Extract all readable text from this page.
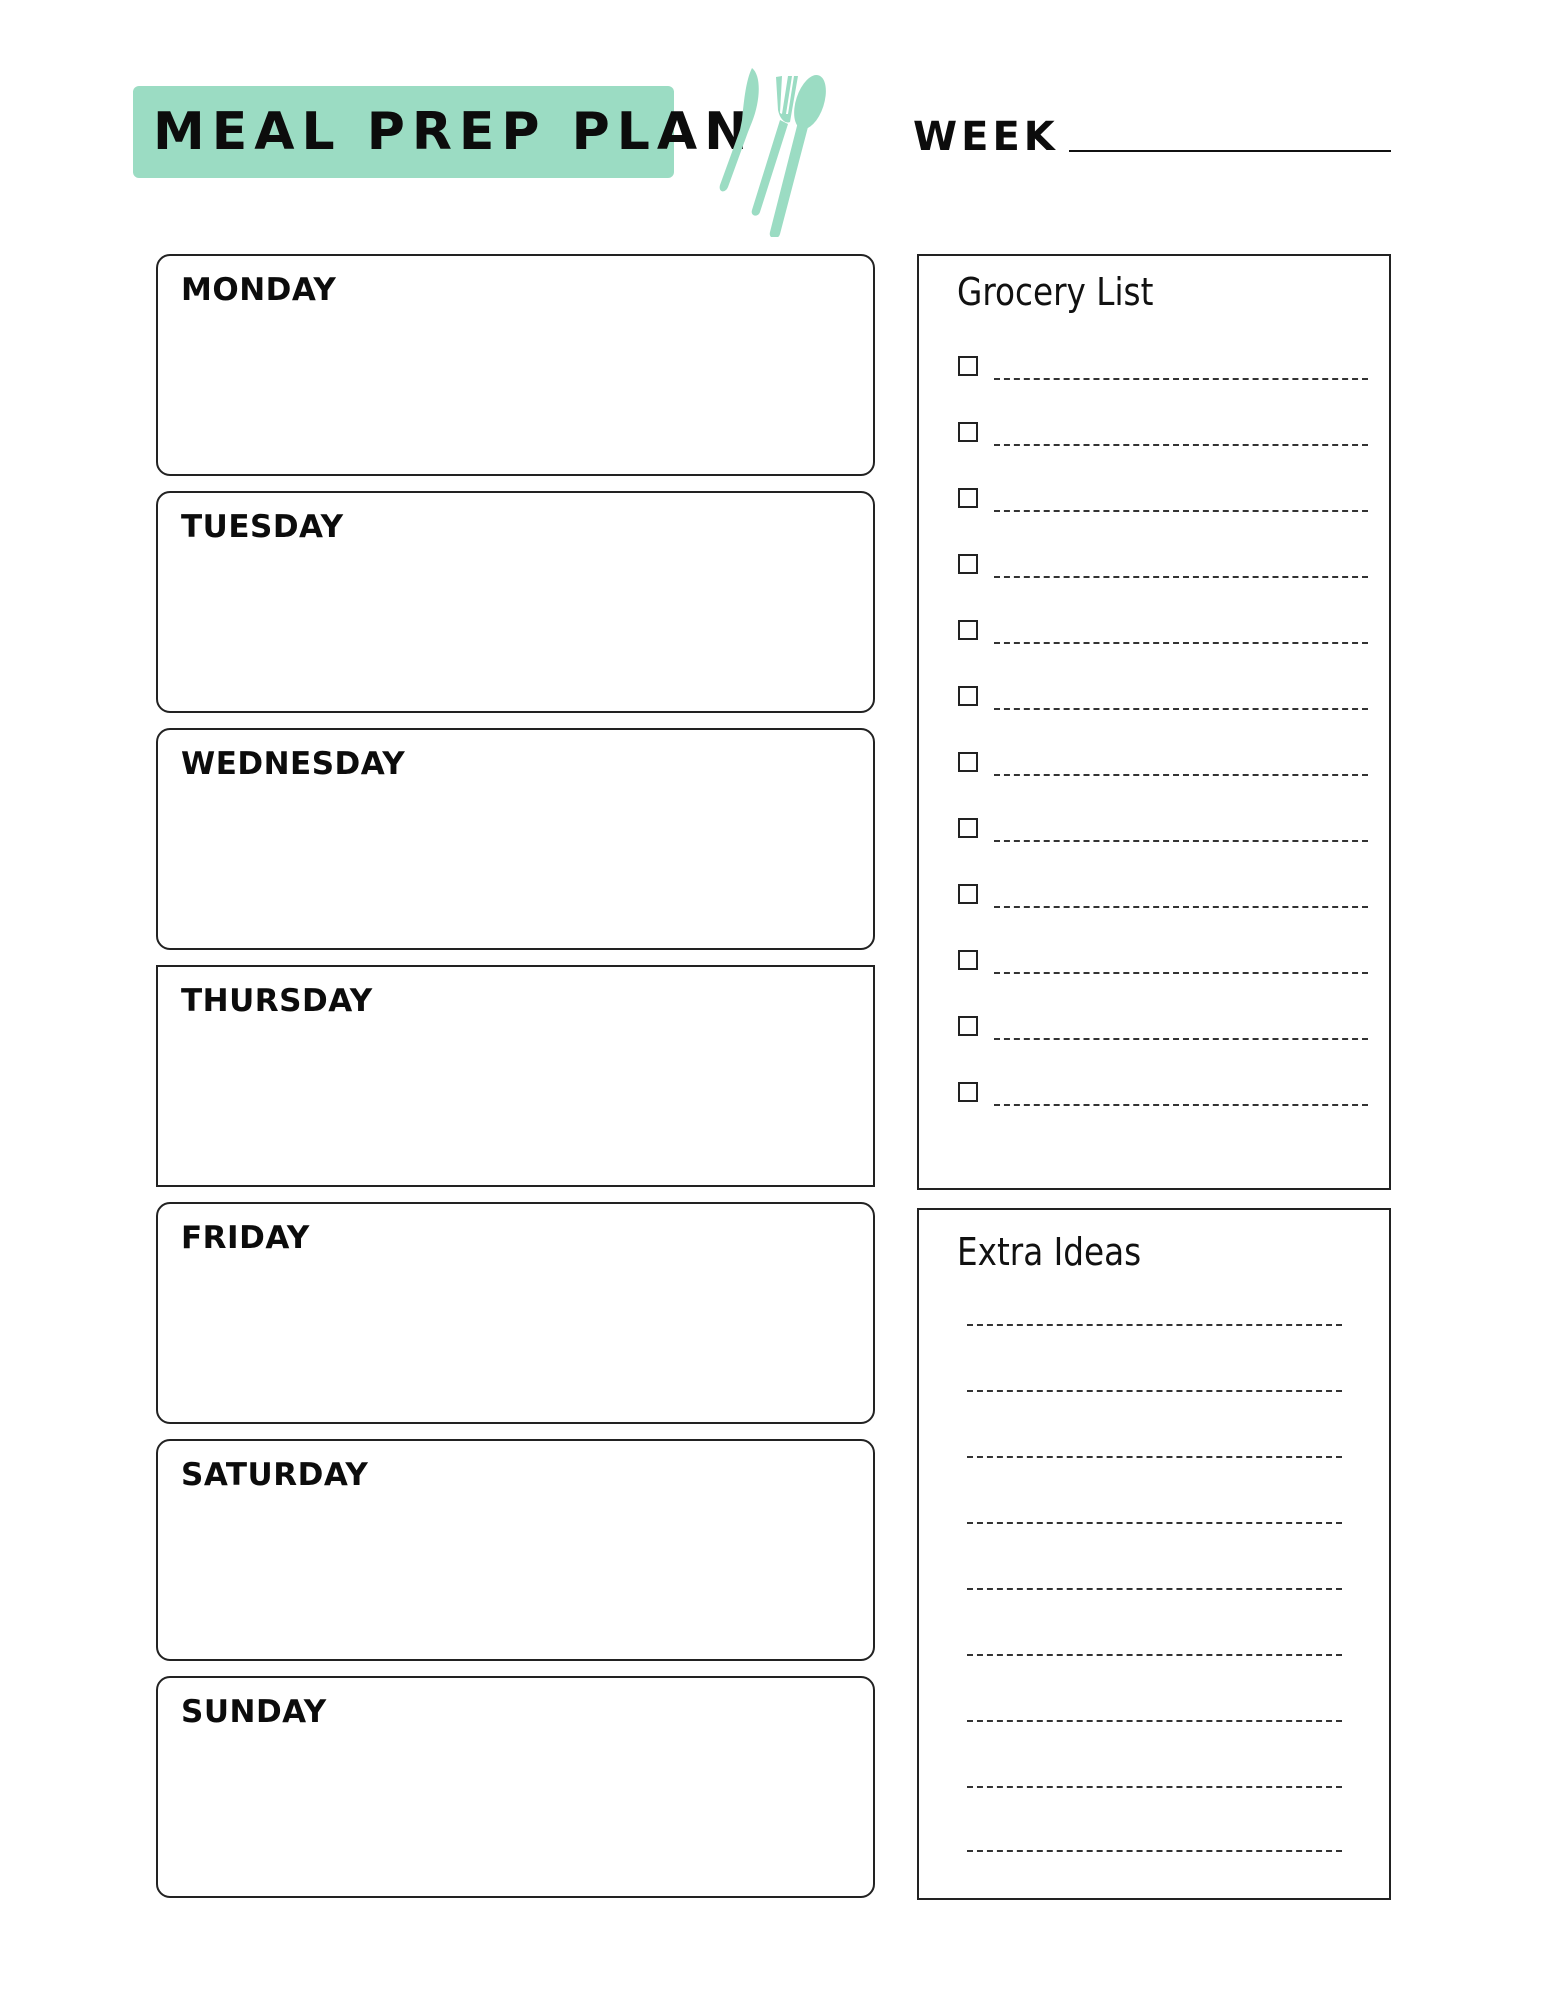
MEAL PREP PLAN	WEEK
MONDAY
TUESDAY
WEDNESDAY
THURSDAY
FRIDAY
SATURDAY
SUNDAY
Grocery List
Extra Ideas
